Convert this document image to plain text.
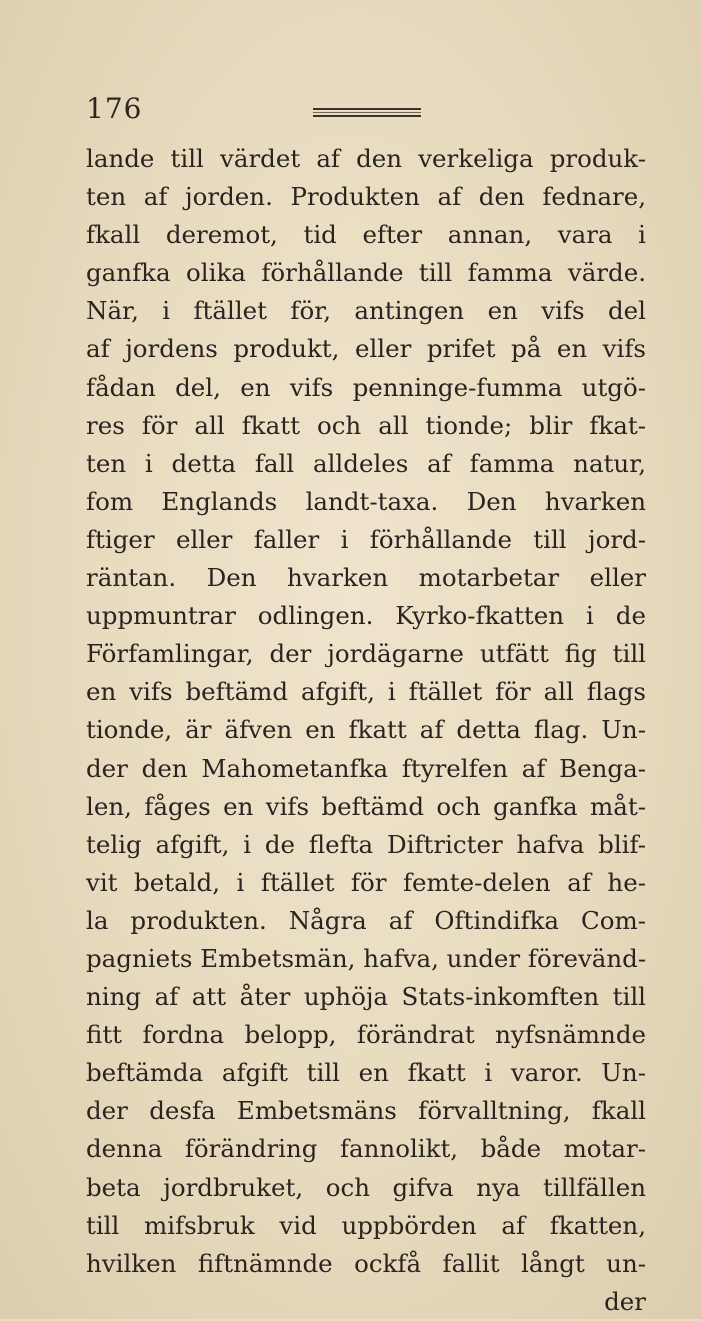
176
lande till värdet af den verkeliga produk-
ten af jorden. Produkten af den fednare,
fkall deremot, tid efter annan, vara i
ganfka olika förhållande till famma värde.
När, i ftället för, antingen en vifs del
af jordens produkt, eller prifet på en vifs
fådan del, en vifs penninge-fumma utgö-
res för all fkatt och all tionde; blir fkat-
ten i detta fall alldeles af famma natur,
fom Englands landt-taxa. Den hvarken
ftiger eller faller i förhållande till jord-
räntan. Den hvarken motarbetar eller
uppmuntrar odlingen. Kyrko-fkatten i de
Förfamlingar, der jordägarne utfätt fig till
en vifs beftämd afgift, i ftället för all flags
tionde, är äfven en fkatt af detta flag. Un-
der den Mahometanfka ftyrelfen af Benga-
len, fåges en vifs beftämd och ganfka måt-
telig afgift, i de flefta Diftricter hafva blif-
vit betald, i ftället för femte-delen af he-
la produkten. Några af Oftindifka Com-
pagniets Embetsmän, hafva, under förevänd-
ning af att åter uphöja Stats-inkomften till
fitt fordna belopp, förändrat nyfsnämnde
beftämda afgift till en fkatt i varor. Un-
der desfa Embetsmäns förvalltning, fkall
denna förändring fannolikt, både motar-
beta jordbruket, och gifva nya tillfällen
till mifsbruk vid uppbörden af fkatten,
hvilken fiftnämnde ockfå fallit långt un-
der
